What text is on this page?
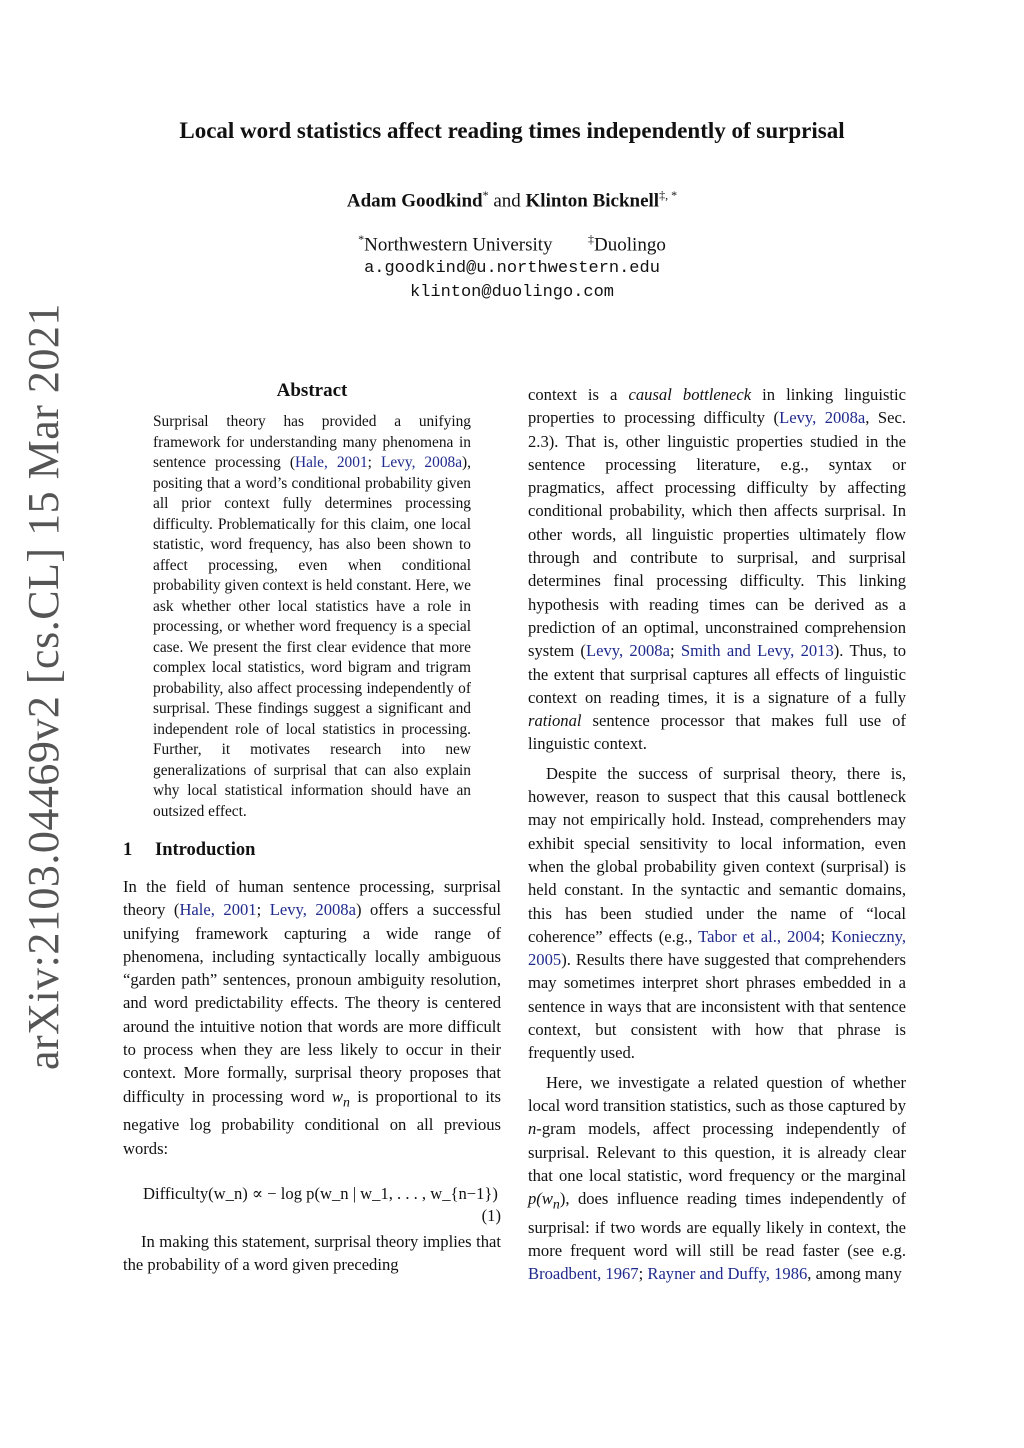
arXiv:2103.04469v2 [cs.CL] 15 Mar 2021
Local word statistics affect reading times independently of surprisal
Adam Goodkind* and Klinton Bicknell‡, *
*Northwestern University	‡Duolingo
a.goodkind@u.northwestern.edu
klinton@duolingo.com
Abstract

Surprisal theory has provided a unifying framework for understanding many phenomena in sentence processing (Hale, 2001; Levy, 2008a), positing that a word’s conditional probability given all prior context fully determines processing difficulty. Problematically for this claim, one local statistic, word frequency, has also been shown to affect processing, even when conditional probability given context is held constant. Here, we ask whether other local statistics have a role in processing, or whether word frequency is a special case. We present the first clear evidence that more complex local statistics, word bigram and trigram probability, also affect processing independently of surprisal. These findings suggest a significant and independent role of local statistics in processing. Further, it motivates research into new generalizations of surprisal that can also explain why local statistical information should have an outsized effect.

1 Introduction

In the field of human sentence processing, surprisal theory (Hale, 2001; Levy, 2008a) offers a successful unifying framework capturing a wide range of phenomena, including syntactically locally ambiguous “garden path” sentences, pronoun ambiguity resolution, and word predictability effects. The theory is centered around the intuitive notion that words are more difficult to process when they are less likely to occur in their context. More formally, surprisal theory proposes that difficulty in processing word $w_n$ is proportional to its negative log probability conditional on all previous words:

Difficulty(w_n) ∝ − log p(w_n | w_1, . . . , w_{n−1})
(1)

In making this statement, surprisal theory implies that the probability of a word given preceding

context is a causal bottleneck in linking linguistic properties to processing difficulty (Levy, 2008a, Sec. 2.3). That is, other linguistic properties studied in the sentence processing literature, e.g., syntax or pragmatics, affect processing difficulty by affecting conditional probability, which then affects surprisal. In other words, all linguistic properties ultimately flow through and contribute to surprisal, and surprisal determines final processing difficulty. This linking hypothesis with reading times can be derived as a prediction of an optimal, unconstrained comprehension system (Levy, 2008a; Smith and Levy, 2013). Thus, to the extent that surprisal captures all effects of linguistic context on reading times, it is a signature of a fully rational sentence processor that makes full use of linguistic context.

Despite the success of surprisal theory, there is, however, reason to suspect that this causal bottleneck may not empirically hold. Instead, comprehenders may exhibit special sensitivity to local information, even when the global probability given context (surprisal) is held constant. In the syntactic and semantic domains, this has been studied under the name of “local coherence” effects (e.g., Tabor et al., 2004; Konieczny, 2005). Results there have suggested that comprehenders may sometimes interpret short phrases embedded in a sentence in ways that are inconsistent with that sentence context, but consistent with how that phrase is frequently used.

Here, we investigate a related question of whether local word transition statistics, such as those captured by n-gram models, affect processing independently of surprisal. Relevant to this question, it is already clear that one local statistic, word frequency or the marginal $p(w_n)$, does influence reading times independently of surprisal: if two words are equally likely in context, the more frequent word will still be read faster (see e.g. Broadbent, 1967; Rayner and Duffy, 1986, among many
